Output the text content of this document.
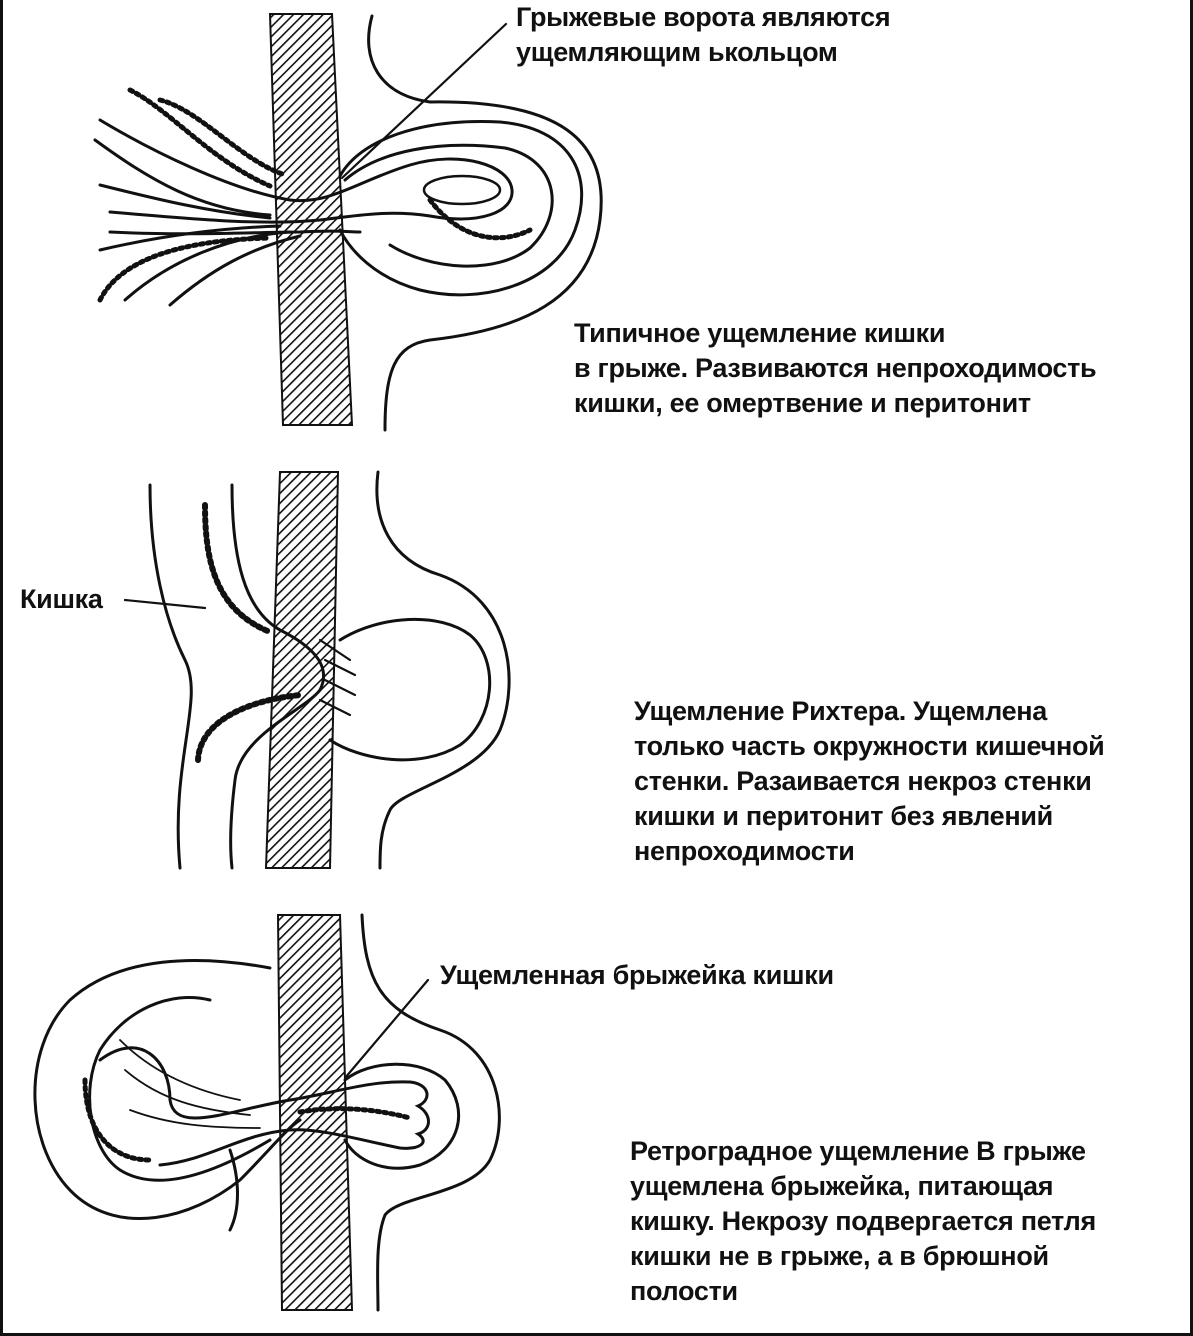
Грыжевые ворота являются
ущемляющим ькольцом

Типичное ущемление кишки
в грыже. Развиваются непроходимость
кишки, ее омертвение и перитонит

Кишка

Ущемление Рихтера. Ущемлена
только часть окружности кишечной
стенки. Разаивается некроз стенки
кишки и перитонит без явлений
непроходимости

Ущемленная брыжейка кишки

Ретроградное ущемление В грыже
ущемлена брыжейка, питающая
кишку. Некрозу подвергается петля
кишки не в грыже, а в брюшной
полости
